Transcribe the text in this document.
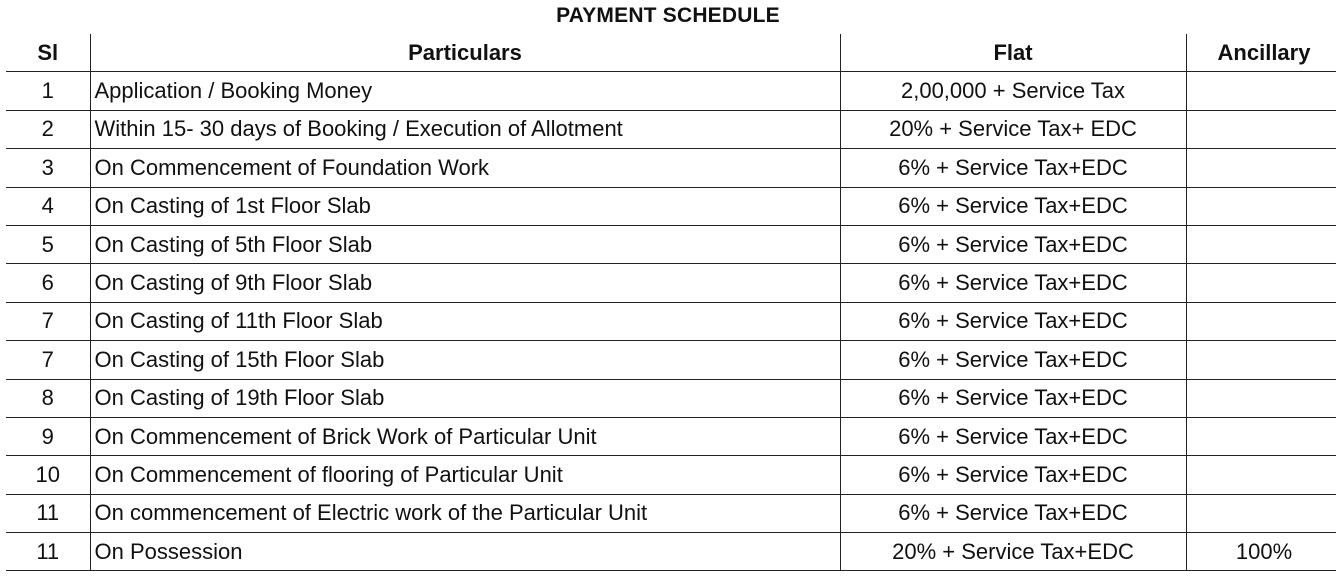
PAYMENT SCHEDULE
Sl	Particulars	Flat	Ancillary
1	Application / Booking Money	2,00,000 + Service Tax	
2	Within 15- 30 days of Booking / Execution of Allotment	20% + Service Tax+ EDC	
3	On Commencement of Foundation Work	6% + Service Tax+EDC	
4	On Casting of 1st Floor Slab	6% + Service Tax+EDC	
5	On Casting of 5th Floor Slab	6% + Service Tax+EDC	
6	On Casting of 9th Floor Slab	6% + Service Tax+EDC	
7	On Casting of 11th Floor Slab	6% + Service Tax+EDC	
7	On Casting of 15th Floor Slab	6% + Service Tax+EDC	
8	On Casting of 19th Floor Slab	6% + Service Tax+EDC	
9	On Commencement of Brick Work of Particular Unit	6% + Service Tax+EDC	
10	On Commencement of flooring of Particular Unit	6% + Service Tax+EDC	
11	On commencement of Electric work of the Particular Unit	6% + Service Tax+EDC	
11	On Possession	20% + Service Tax+EDC	100%
